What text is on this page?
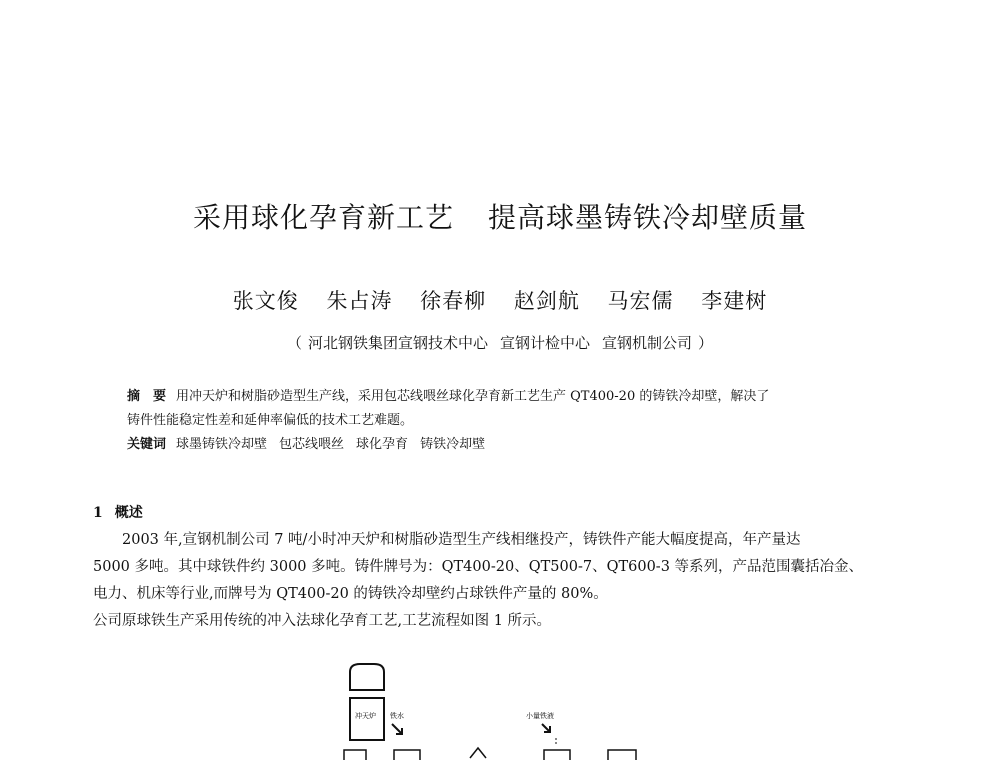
采用球化孕育新工艺 提高球墨铸铁冷却壁质量
张文俊 朱占涛 徐春柳 赵剑航 马宏儒 李建树
（ 河北钢铁集团宣钢技术中心 宣钢计检中心 宣钢机制公司 ）
摘　要 用冲天炉和树脂砂造型生产线，采用包芯线喂丝球化孕育新工艺生产 QT400-20 的铸铁冷却壁，解决了
铸件性能稳定性差和延伸率偏低的技术工艺难题。
关键词 球墨铸铁冷却壁 包芯线喂丝 球化孕育 铸铁冷却壁
1 概述
　　2003 年,宣钢机制公司 7 吨/小时冲天炉和树脂砂造型生产线相继投产，铸铁件产能大幅度提高，年产量达
5000 多吨。其中球铁件约 3000 多吨。铸件牌号为：QT400-20、QT500-7、QT600-3 等系列，产品范围囊括冶金、
电力、机床等行业,而牌号为 QT400-20 的铸铁冷却壁约占球铁件产量的 80%。
公司原球铁生产采用传统的冲入法球化孕育工艺,工艺流程如图 1 所示。
冲天炉 铁水	小量铁液
